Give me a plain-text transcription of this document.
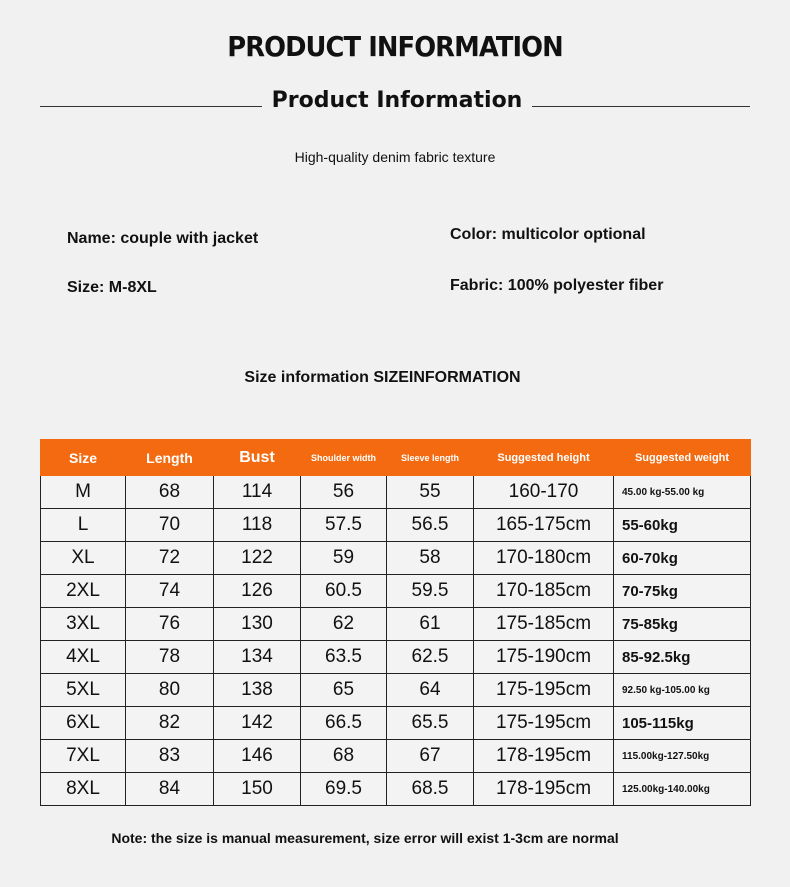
PRODUCT INFORMATION
Product Information
High-quality denim fabric texture
Name: couple with jacket	Color: multicolor optional
Size: M-8XL	Fabric: 100% polyester fiber
Size information SIZEINFORMATION
Size	Length	Bust	Shoulder width	Sleeve length	Suggested height	Suggested weight
M	68	114	56	55	160-170	45.00 kg-55.00 kg
L	70	118	57.5	56.5	165-175cm	55-60kg
XL	72	122	59	58	170-180cm	60-70kg
2XL	74	126	60.5	59.5	170-185cm	70-75kg
3XL	76	130	62	61	175-185cm	75-85kg
4XL	78	134	63.5	62.5	175-190cm	85-92.5kg
5XL	80	138	65	64	175-195cm	92.50 kg-105.00 kg
6XL	82	142	66.5	65.5	175-195cm	105-115kg
7XL	83	146	68	67	178-195cm	115.00kg-127.50kg
8XL	84	150	69.5	68.5	178-195cm	125.00kg-140.00kg
Note: the size is manual measurement, size error will exist 1-3cm are normal
